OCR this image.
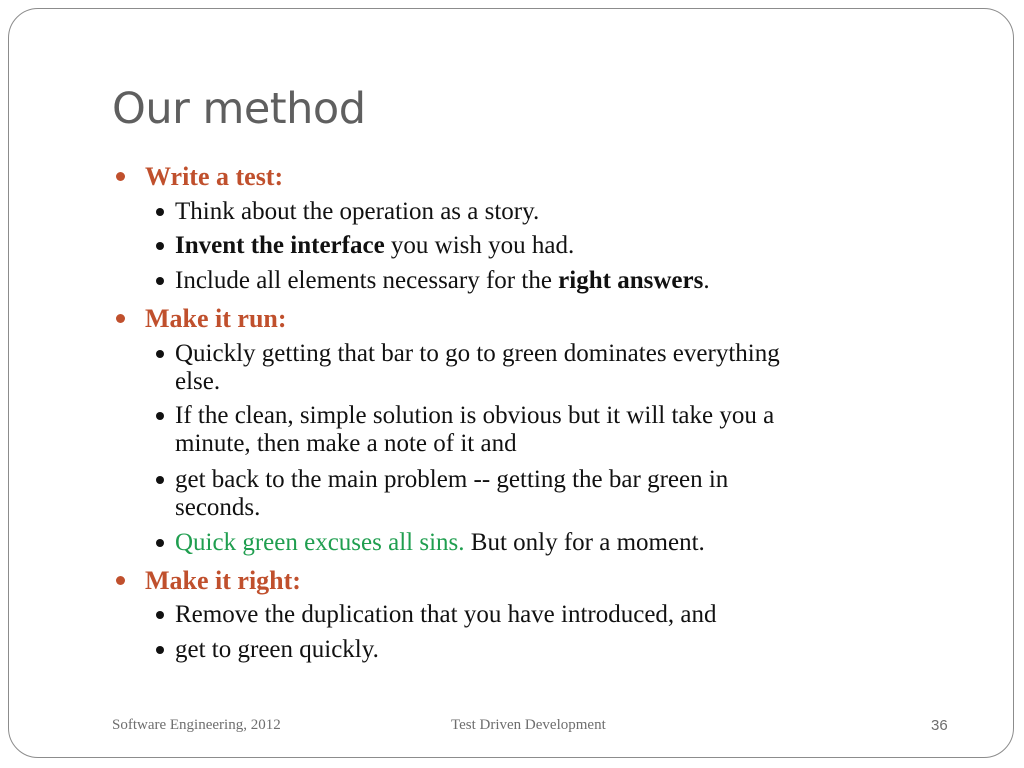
Our method
Write a test:
Think about the operation as a story.
Invent the interface you wish you had.
Include all elements necessary for the right answers.
Make it run:
Quickly getting that bar to go to green dominates everything
else.
If the clean, simple solution is obvious but it will take you a
minute, then make a note of it and
get back to the main problem -- getting the bar green in
seconds.
Quick green excuses all sins. But only for a moment.
Make it right:
Remove the duplication that you have introduced, and
get to green quickly.
Software Engineering, 2012	Test Driven Development	36
